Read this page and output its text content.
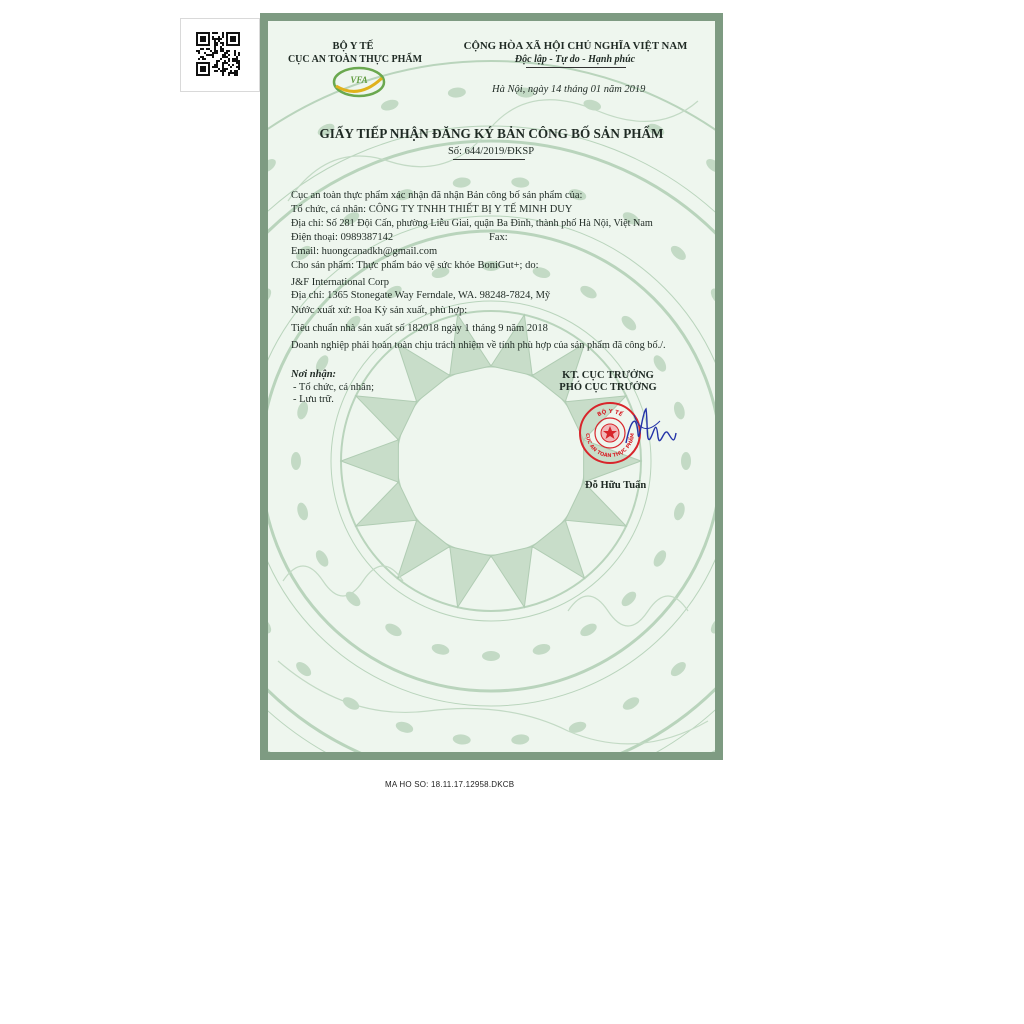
BỘ Y TẾ
CỤC AN TOÀN THỰC PHẨM
VFA
CỘNG HÒA XÃ HỘI CHỦ NGHĨA VIỆT NAM
Độc lập - Tự do - Hạnh phúc
Hà Nội, ngày 14 tháng 01 năm 2019
GIẤY TIẾP NHẬN ĐĂNG KÝ BẢN CÔNG BỐ SẢN PHẨM
Số: 644/2019/ĐKSP
Cục an toàn thực phẩm xác nhận đã nhận Bản công bố sản phẩm của:
Tổ chức, cá nhân: CÔNG TY TNHH THIẾT BỊ Y TẾ MINH DUY
Địa chỉ: Số 281 Đội Cấn, phường Liễu Giai, quận Ba Đình, thành phố Hà Nội, Việt Nam
Điện thoại: 0989387142	Fax:
Email: huongcanadkh@gmail.com
Cho sản phẩm: Thực phẩm bảo vệ sức khỏe BoniGut+; do:
J&F International Corp
Địa chỉ: 1365 Stonegate Way Ferndale, WA. 98248-7824, Mỹ
Nước xuất xứ: Hoa Kỳ sản xuất, phù hợp:
Tiêu chuẩn nhà sản xuất số 182018 ngày 1 tháng 9 năm 2018
Doanh nghiệp phải hoàn toàn chịu trách nhiệm về tính phù hợp của sản phẩm đã công bố./.
Nơi nhận:
- Tổ chức, cá nhân;
- Lưu trữ.
KT. CỤC TRƯỞNG
PHÓ CỤC TRƯỞNG
BỘ Y TẾ
CỤC AN TOÀN THỰC PHẨM
Đỗ Hữu Tuấn
MA HO SO: 18.11.17.12958.DKCB
